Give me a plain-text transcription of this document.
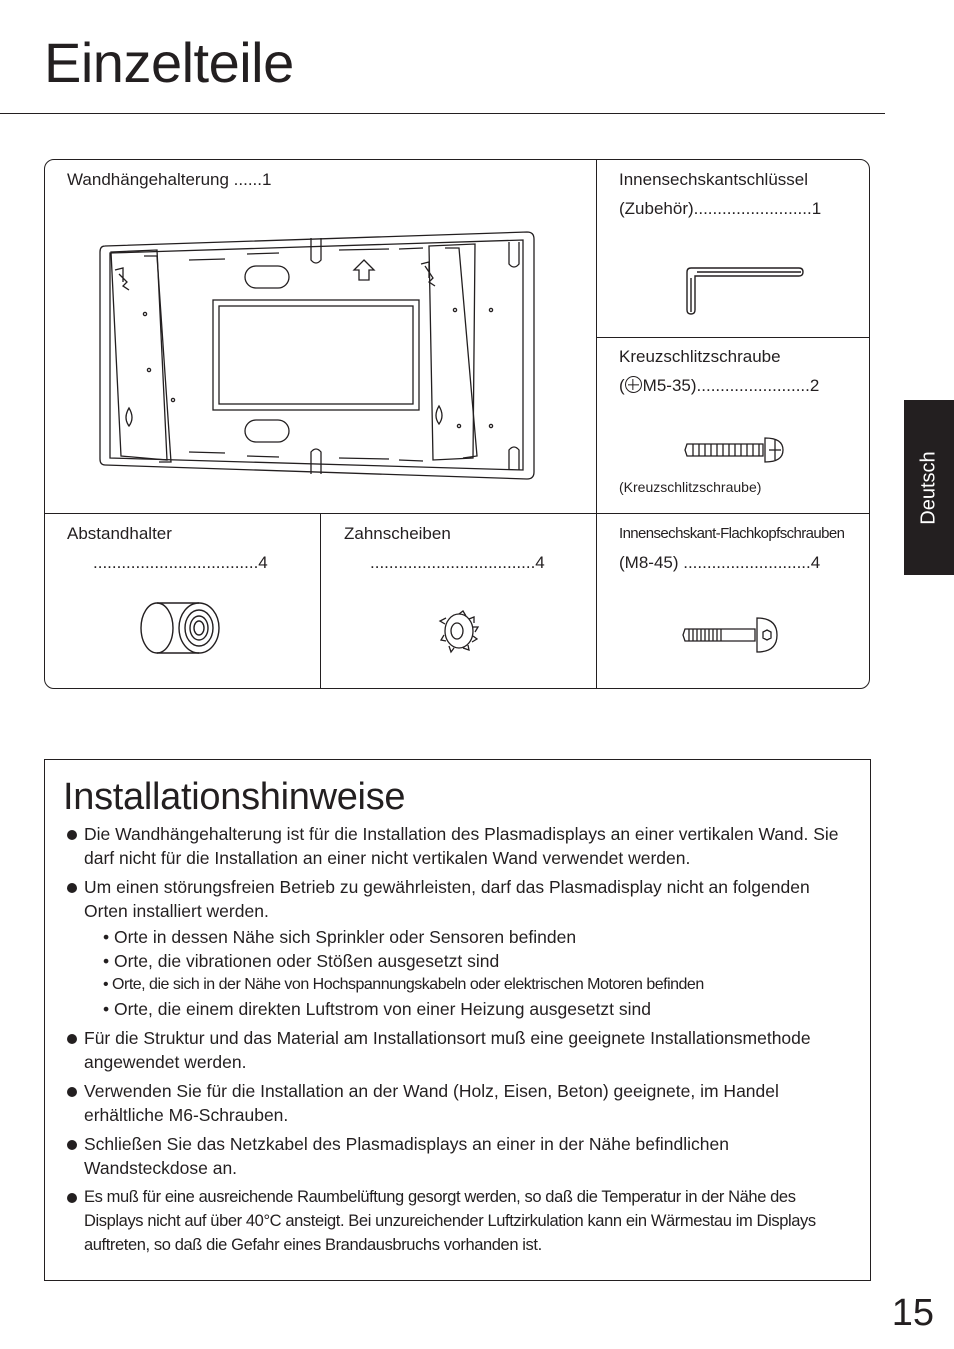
Einzelteile
Deutsch
Wandhängehalterung ......1	Innensechskantschlüssel
(Zubehör).........................1
Kreuzschlitzschraube
( M5-35)........................2
(Kreuzschlitzschraube)
Abstandhalter
...................................4
Zahnscheiben
...................................4
Innensechskant-Flachkopfschrauben
(M8-45) ...........................4
Installationshinweise
Die Wandhängehalterung ist für die Installation des Plasmadisplays an einer vertikalen Wand. Sie darf nicht für die Installation an einer nicht vertikalen Wand verwendet werden.
Um einen störungsfreien Betrieb zu gewährleisten, darf das Plasmadisplay nicht an folgenden Orten installiert werden.
• Orte in dessen Nähe sich Sprinkler oder Sensoren befinden
• Orte, die vibrationen oder Stößen ausgesetzt sind
• Orte, die sich in der Nähe von Hochspannungskabeln oder elektrischen Motoren befinden
• Orte, die einem direkten Luftstrom von einer Heizung ausgesetzt sind
Für die Struktur und das Material am Installationsort muß eine geeignete Installationsmethode angewendet werden.
Verwenden Sie für die Installation an der Wand (Holz, Eisen, Beton) geeignete, im Handel erhältliche M6-Schrauben.
Schließen Sie das Netzkabel des Plasmadisplays an einer in der Nähe befindlichen Wandsteckdose an.
Es muß für eine ausreichende Raumbelüftung gesorgt werden, so daß die Temperatur in der Nähe des Displays nicht auf über 40°C ansteigt. Bei unzureichender Luftzirkulation kann ein Wärmestau im Displays auftreten, so daß die Gefahr eines Brandausbruchs vorhanden ist.
15
